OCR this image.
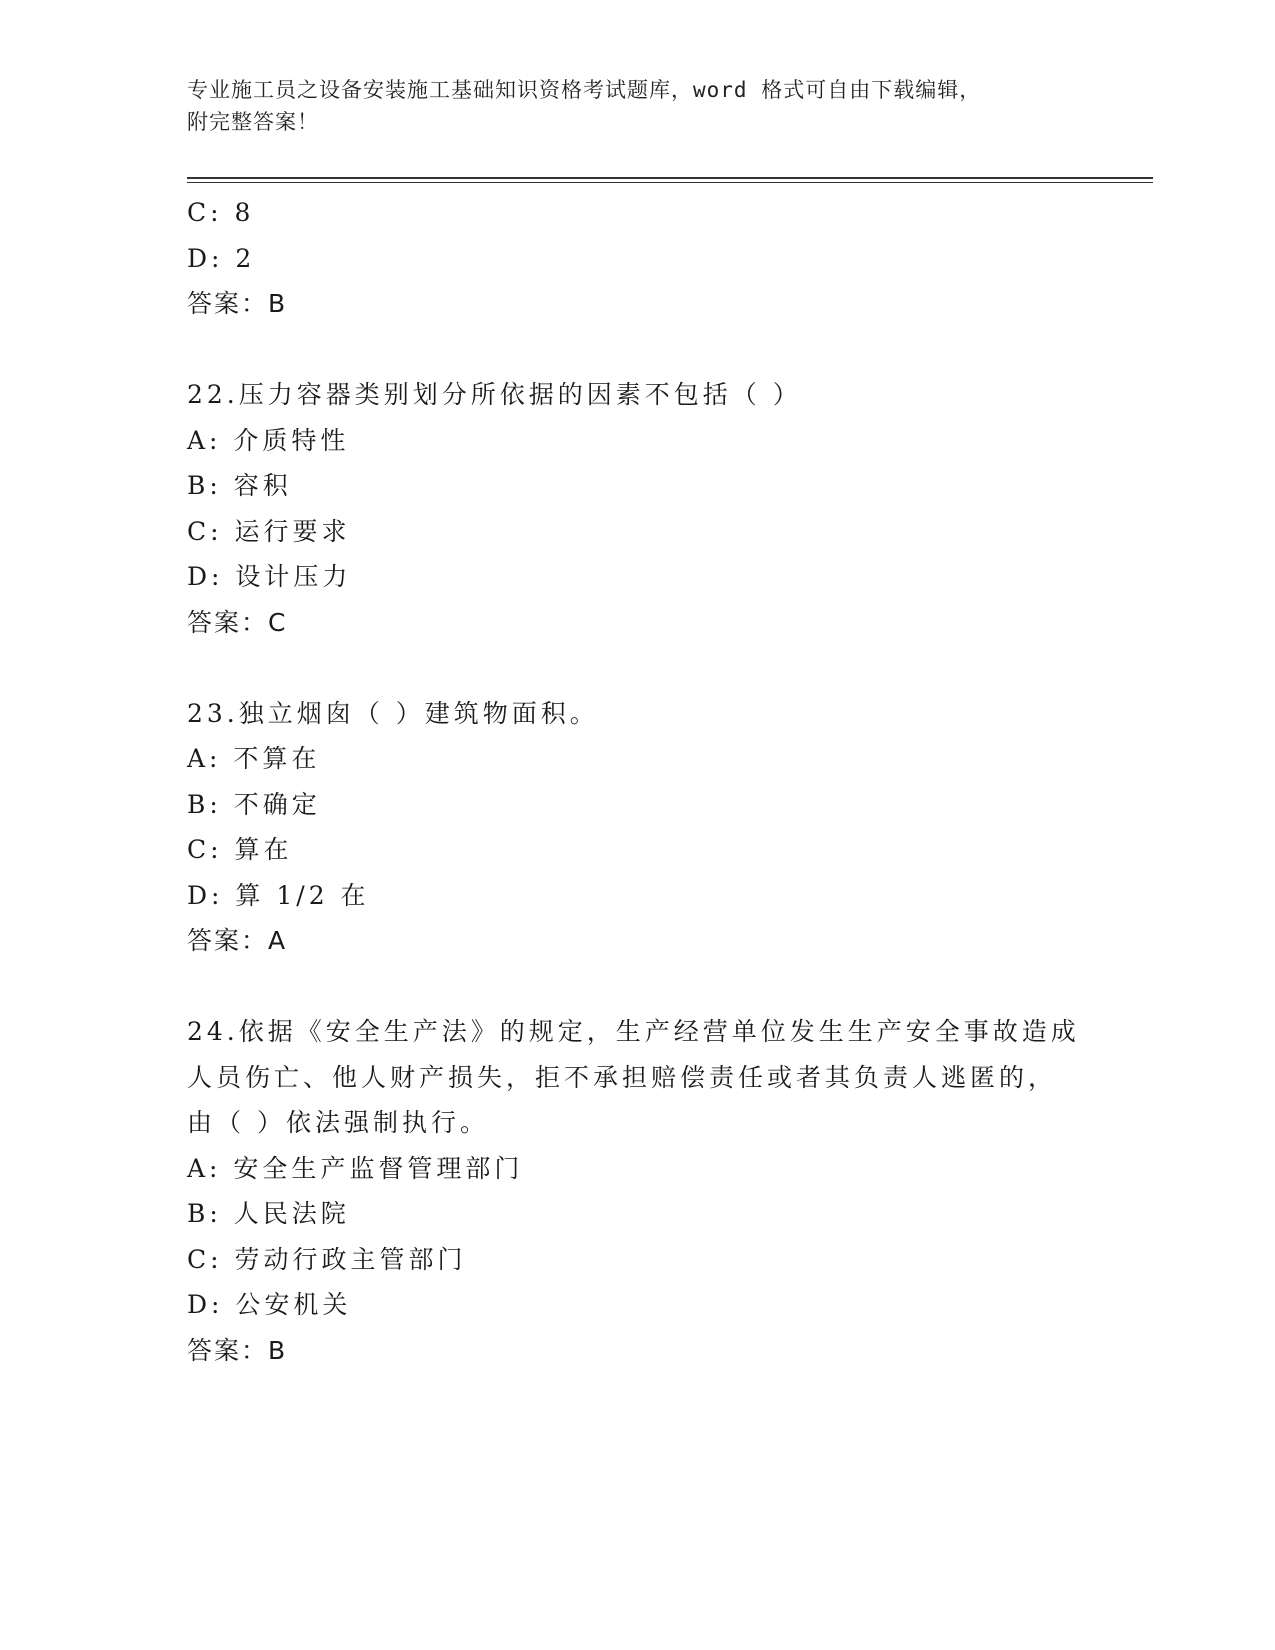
专业施工员之设备安装施工基础知识资格考试题库，word 格式可自由下载编辑，
附完整答案！
C: 8
D: 2
答案：B
22.压力容器类别划分所依据的因素不包括（ ）
A: 介质特性
B: 容积
C: 运行要求
D: 设计压力
答案：C
23.独立烟囱（ ）建筑物面积。
A: 不算在
B: 不确定
C: 算在
D: 算 1/2 在
答案：A
24.依据《安全生产法》的规定，生产经营单位发生生产安全事故造成
人员伤亡、他人财产损失，拒不承担赔偿责任或者其负责人逃匿的，
由（ ）依法强制执行。
A: 安全生产监督管理部门
B: 人民法院
C: 劳动行政主管部门
D: 公安机关
答案：B
